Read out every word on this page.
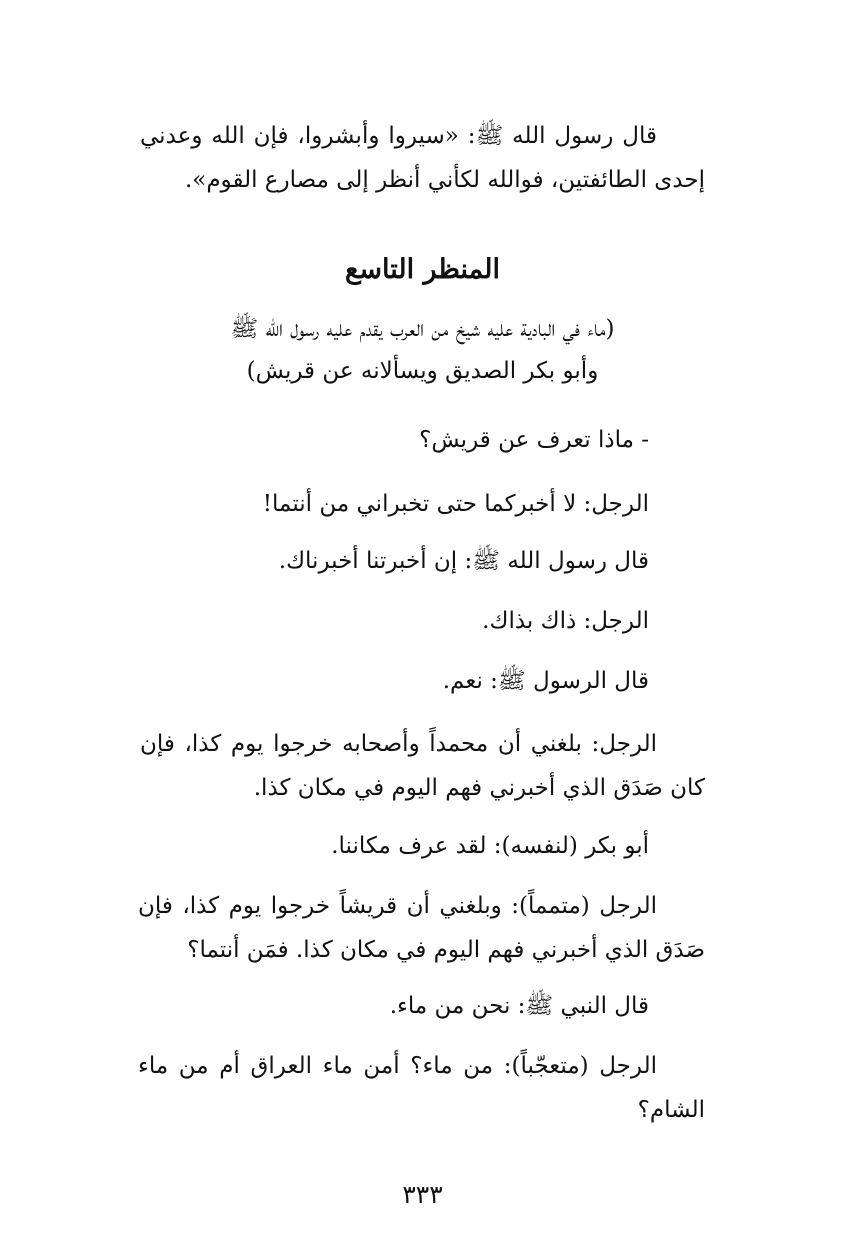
قال رسول الله ﷺ: «سيروا وأبشروا، فإن الله وعدني إحدى الطائفتين، فوالله لكأني أنظر إلى مصارع القوم».
المنظر التاسع
(ماء في البادية عليه شيخ من العرب يقدم عليه رسول الله ﷺ
وأبو بكر الصديق ويسألانه عن قريش)
- ماذا تعرف عن قريش؟
الرجل: لا أخبركما حتى تخبراني من أنتما!
قال رسول الله ﷺ: إن أخبرتنا أخبرناك.
الرجل: ذاك بذاك.
قال الرسول ﷺ: نعم.
الرجل: بلغني أن محمداً وأصحابه خرجوا يوم كذا، فإن كان صَدَق الذي أخبرني فهم اليوم في مكان كذا.
أبو بكر (لنفسه): لقد عرف مكاننا.
الرجل (متمماً): وبلغني أن قريشاً خرجوا يوم كذا، فإن صَدَق الذي أخبرني فهم اليوم في مكان كذا. فمَن أنتما؟
قال النبي ﷺ: نحن من ماء.
الرجل (متعجّباً): من ماء؟ أمن ماء العراق أم من ماء الشام؟
٣٣٣
